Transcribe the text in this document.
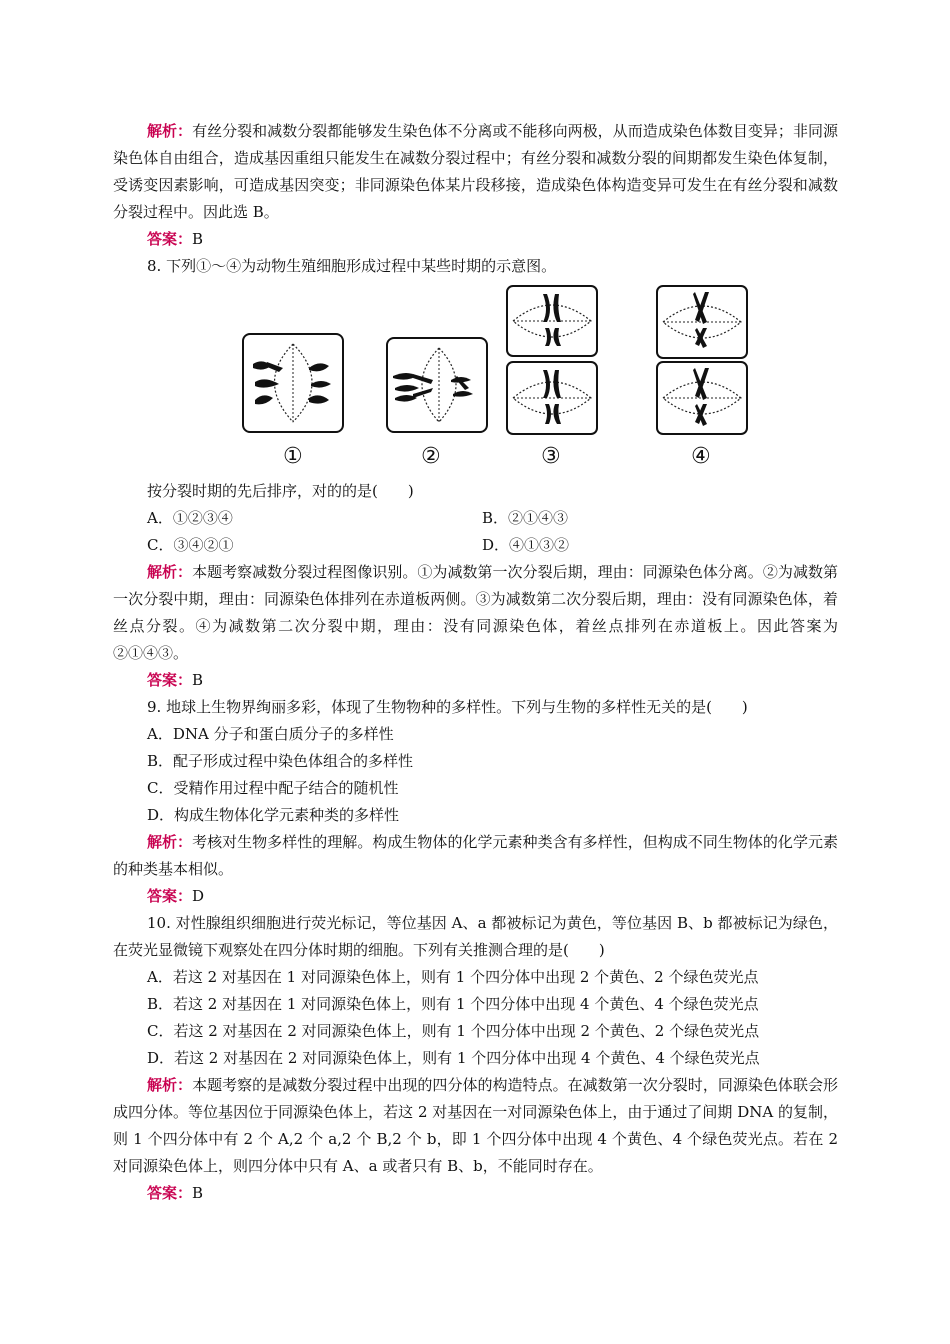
解析：有丝分裂和减数分裂都能够发生染色体不分离或不能移向两极，从而造成染色体数目变异；非同源染色体自由组合，造成基因重组只能发生在减数分裂过程中；有丝分裂和减数分裂的间期都发生染色体复制，受诱变因素影响，可造成基因突变；非同源染色体某片段移接，造成染色体构造变异可发生在有丝分裂和减数分裂过程中。因此选 B。
答案：B
8. 下列①～④为动物生殖细胞形成过程中某些时期的示意图。
①	②	③	④
按分裂时期的先后排序，对的的是(　　)
A．①②③④	B．②①④③
C．③④②①	D．④①③②
解析：本题考察减数分裂过程图像识别。①为减数第一次分裂后期，理由：同源染色体分离。②为减数第一次分裂中期，理由：同源染色体排列在赤道板两侧。③为减数第二次分裂后期，理由：没有同源染色体，着丝点分裂。④为减数第二次分裂中期，理由：没有同源染色体，着丝点排列在赤道板上。因此答案为②①④③。
答案：B
9. 地球上生物界绚丽多彩，体现了生物物种的多样性。下列与生物的多样性无关的是(　　)
A．DNA 分子和蛋白质分子的多样性
B．配子形成过程中染色体组合的多样性
C．受精作用过程中配子结合的随机性
D．构成生物体化学元素种类的多样性
解析：考核对生物多样性的理解。构成生物体的化学元素种类含有多样性，但构成不同生物体的化学元素的种类基本相似。
答案：D
10. 对性腺组织细胞进行荧光标记，等位基因 A、a 都被标记为黄色，等位基因 B、b 都被标记为绿色，在荧光显微镜下观察处在四分体时期的细胞。下列有关推测合理的是(　　)
A．若这 2 对基因在 1 对同源染色体上，则有 1 个四分体中出现 2 个黄色、2 个绿色荧光点
B．若这 2 对基因在 1 对同源染色体上，则有 1 个四分体中出现 4 个黄色、4 个绿色荧光点
C．若这 2 对基因在 2 对同源染色体上，则有 1 个四分体中出现 2 个黄色、2 个绿色荧光点
D．若这 2 对基因在 2 对同源染色体上，则有 1 个四分体中出现 4 个黄色、4 个绿色荧光点
解析：本题考察的是减数分裂过程中出现的四分体的构造特点。在减数第一次分裂时，同源染色体联会形成四分体。等位基因位于同源染色体上，若这 2 对基因在一对同源染色体上，由于通过了间期 DNA 的复制，则 1 个四分体中有 2 个 A,2 个 a,2 个 B,2 个 b，即 1 个四分体中出现 4 个黄色、4 个绿色荧光点。若在 2 对同源染色体上，则四分体中只有 A、a 或者只有 B、b，不能同时存在。
答案：B
